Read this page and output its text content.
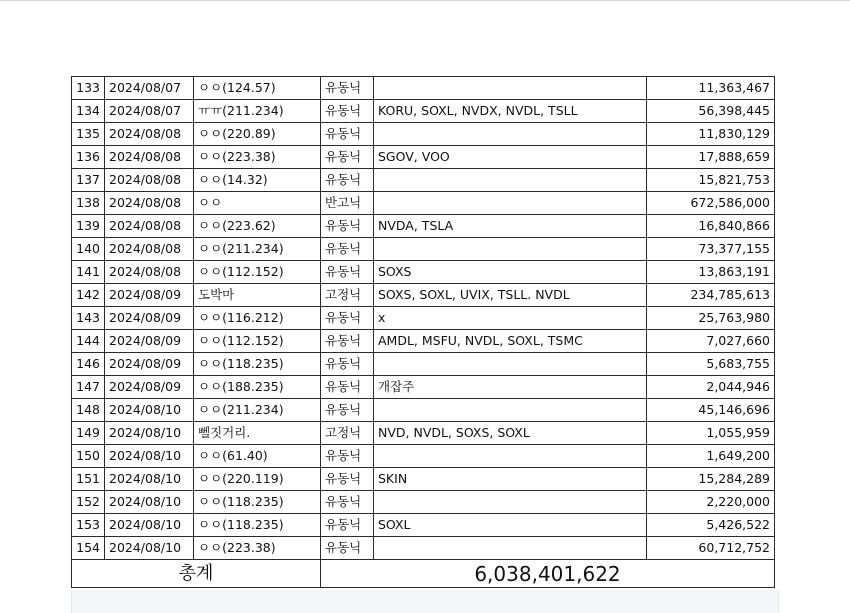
133	2024/08/07	ㅇㅇ(124.57)	유동닉		11,363,467
134	2024/08/07	ㅠㅠ(211.234)	유동닉	KORU, SOXL, NVDX, NVDL, TSLL	56,398,445
135	2024/08/08	ㅇㅇ(220.89)	유동닉		11,830,129
136	2024/08/08	ㅇㅇ(223.38)	유동닉	SGOV, VOO	17,888,659
137	2024/08/08	ㅇㅇ(14.32)	유동닉		15,821,753
138	2024/08/08	ㅇㅇ	반고닉		672,586,000
139	2024/08/08	ㅇㅇ(223.62)	유동닉	NVDA, TSLA	16,840,866
140	2024/08/08	ㅇㅇ(211.234)	유동닉		73,377,155
141	2024/08/08	ㅇㅇ(112.152)	유동닉	SOXS	13,863,191
142	2024/08/09	도박마	고정닉	SOXS, SOXL, UVIX, TSLL. NVDL	234,785,613
143	2024/08/09	ㅇㅇ(116.212)	유동닉	x	25,763,980
144	2024/08/09	ㅇㅇ(112.152)	유동닉	AMDL, MSFU, NVDL, SOXL, TSMC	7,027,660
146	2024/08/09	ㅇㅇ(118.235)	유동닉		5,683,755
147	2024/08/09	ㅇㅇ(188.235)	유동닉	개잡주	2,044,946
148	2024/08/10	ㅇㅇ(211.234)	유동닉		45,146,696
149	2024/08/10	뻴짓거리.	고정닉	NVD, NVDL, SOXS, SOXL	1,055,959
150	2024/08/10	ㅇㅇ(61.40)	유동닉		1,649,200
151	2024/08/10	ㅇㅇ(220.119)	유동닉	SKIN	15,284,289
152	2024/08/10	ㅇㅇ(118.235)	유동닉		2,220,000
153	2024/08/10	ㅇㅇ(118.235)	유동닉	SOXL	5,426,522
154	2024/08/10	ㅇㅇ(223.38)	유동닉		60,712,752
총계			6,038,401,622		
